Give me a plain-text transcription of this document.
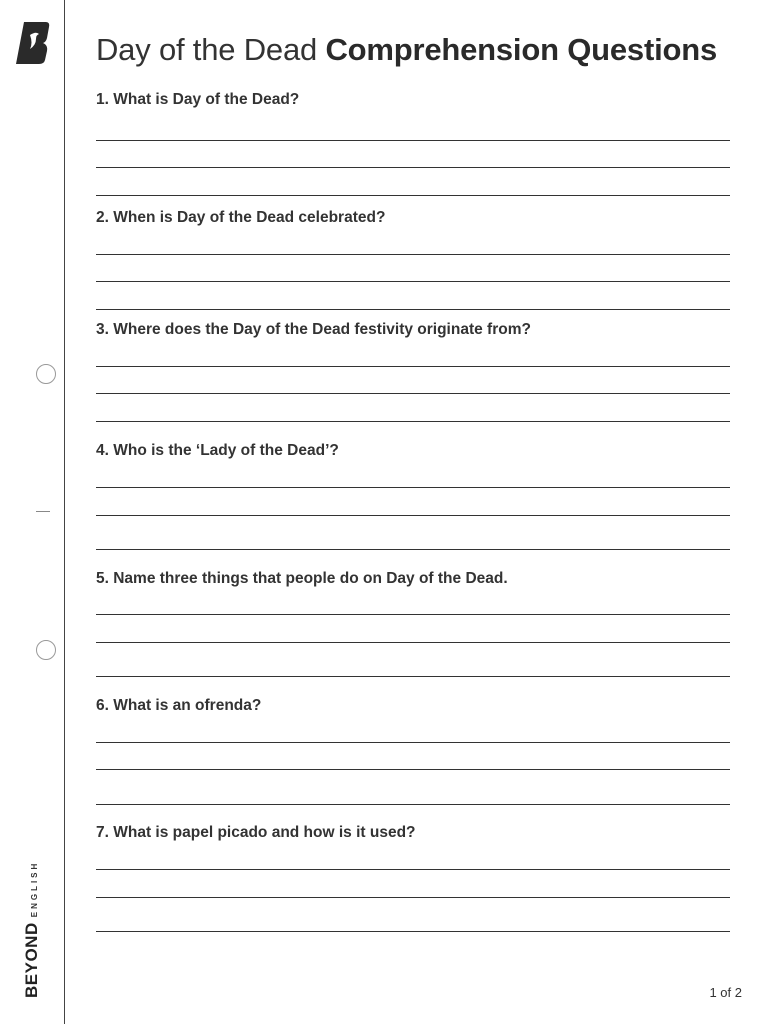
BEYOND
ENGLISH
Day of the Dead Comprehension Questions
1. What is Day of the Dead?
2. When is Day of the Dead celebrated?
3. Where does the Day of the Dead festivity originate from?
4. Who is the ‘Lady of the Dead’?
5. Name three things that people do on Day of the Dead.
6. What is an ofrenda?
7. What is papel picado and how is it used?
1 of 2
